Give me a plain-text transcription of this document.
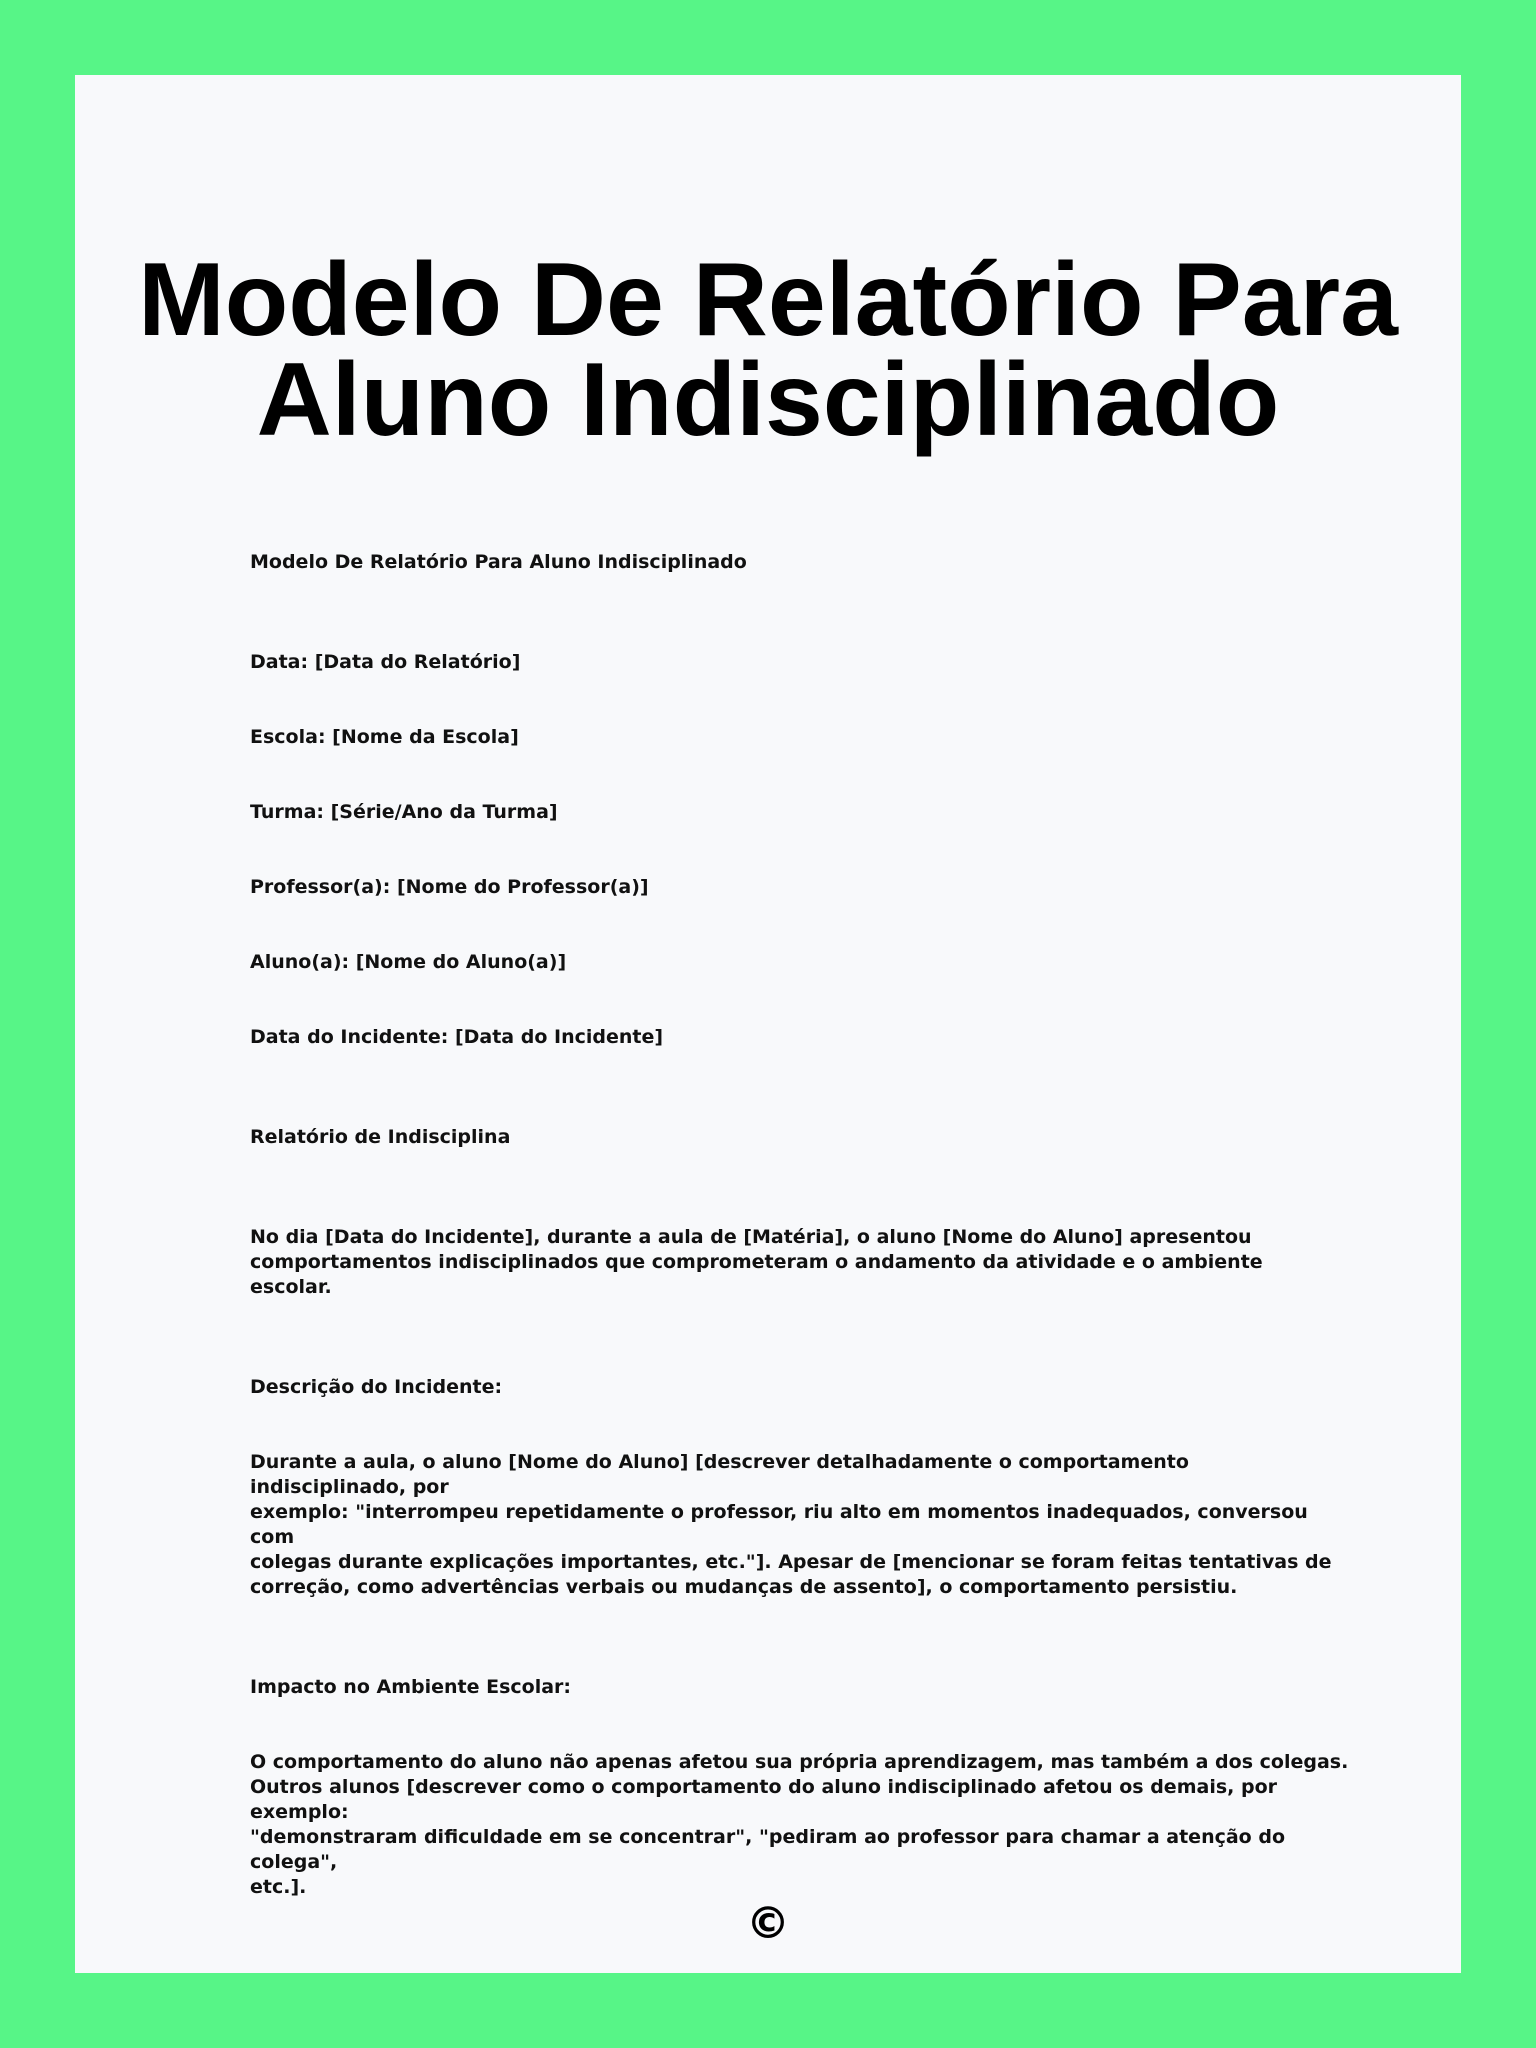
Modelo De Relatório Para
Aluno Indisciplinado

Modelo De Relatório Para Aluno Indisciplinado

Data: [Data do Relatório]

Escola: [Nome da Escola]

Turma: [Série/Ano da Turma]

Professor(a): [Nome do Professor(a)]

Aluno(a): [Nome do Aluno(a)]

Data do Incidente: [Data do Incidente]

Relatório de Indisciplina

No dia [Data do Incidente], durante a aula de [Matéria], o aluno [Nome do Aluno] apresentou
comportamentos indisciplinados que comprometeram o andamento da atividade e o ambiente escolar.

Descrição do Incidente:

Durante a aula, o aluno [Nome do Aluno] [descrever detalhadamente o comportamento indisciplinado, por
exemplo: "interrompeu repetidamente o professor, riu alto em momentos inadequados, conversou com
colegas durante explicações importantes, etc."]. Apesar de [mencionar se foram feitas tentativas de
correção, como advertências verbais ou mudanças de assento], o comportamento persistiu.

Impacto no Ambiente Escolar:

O comportamento do aluno não apenas afetou sua própria aprendizagem, mas também a dos colegas.
Outros alunos [descrever como o comportamento do aluno indisciplinado afetou os demais, por exemplo:
"demonstraram dificuldade em se concentrar", "pediram ao professor para chamar a atenção do colega",
etc.].

©
